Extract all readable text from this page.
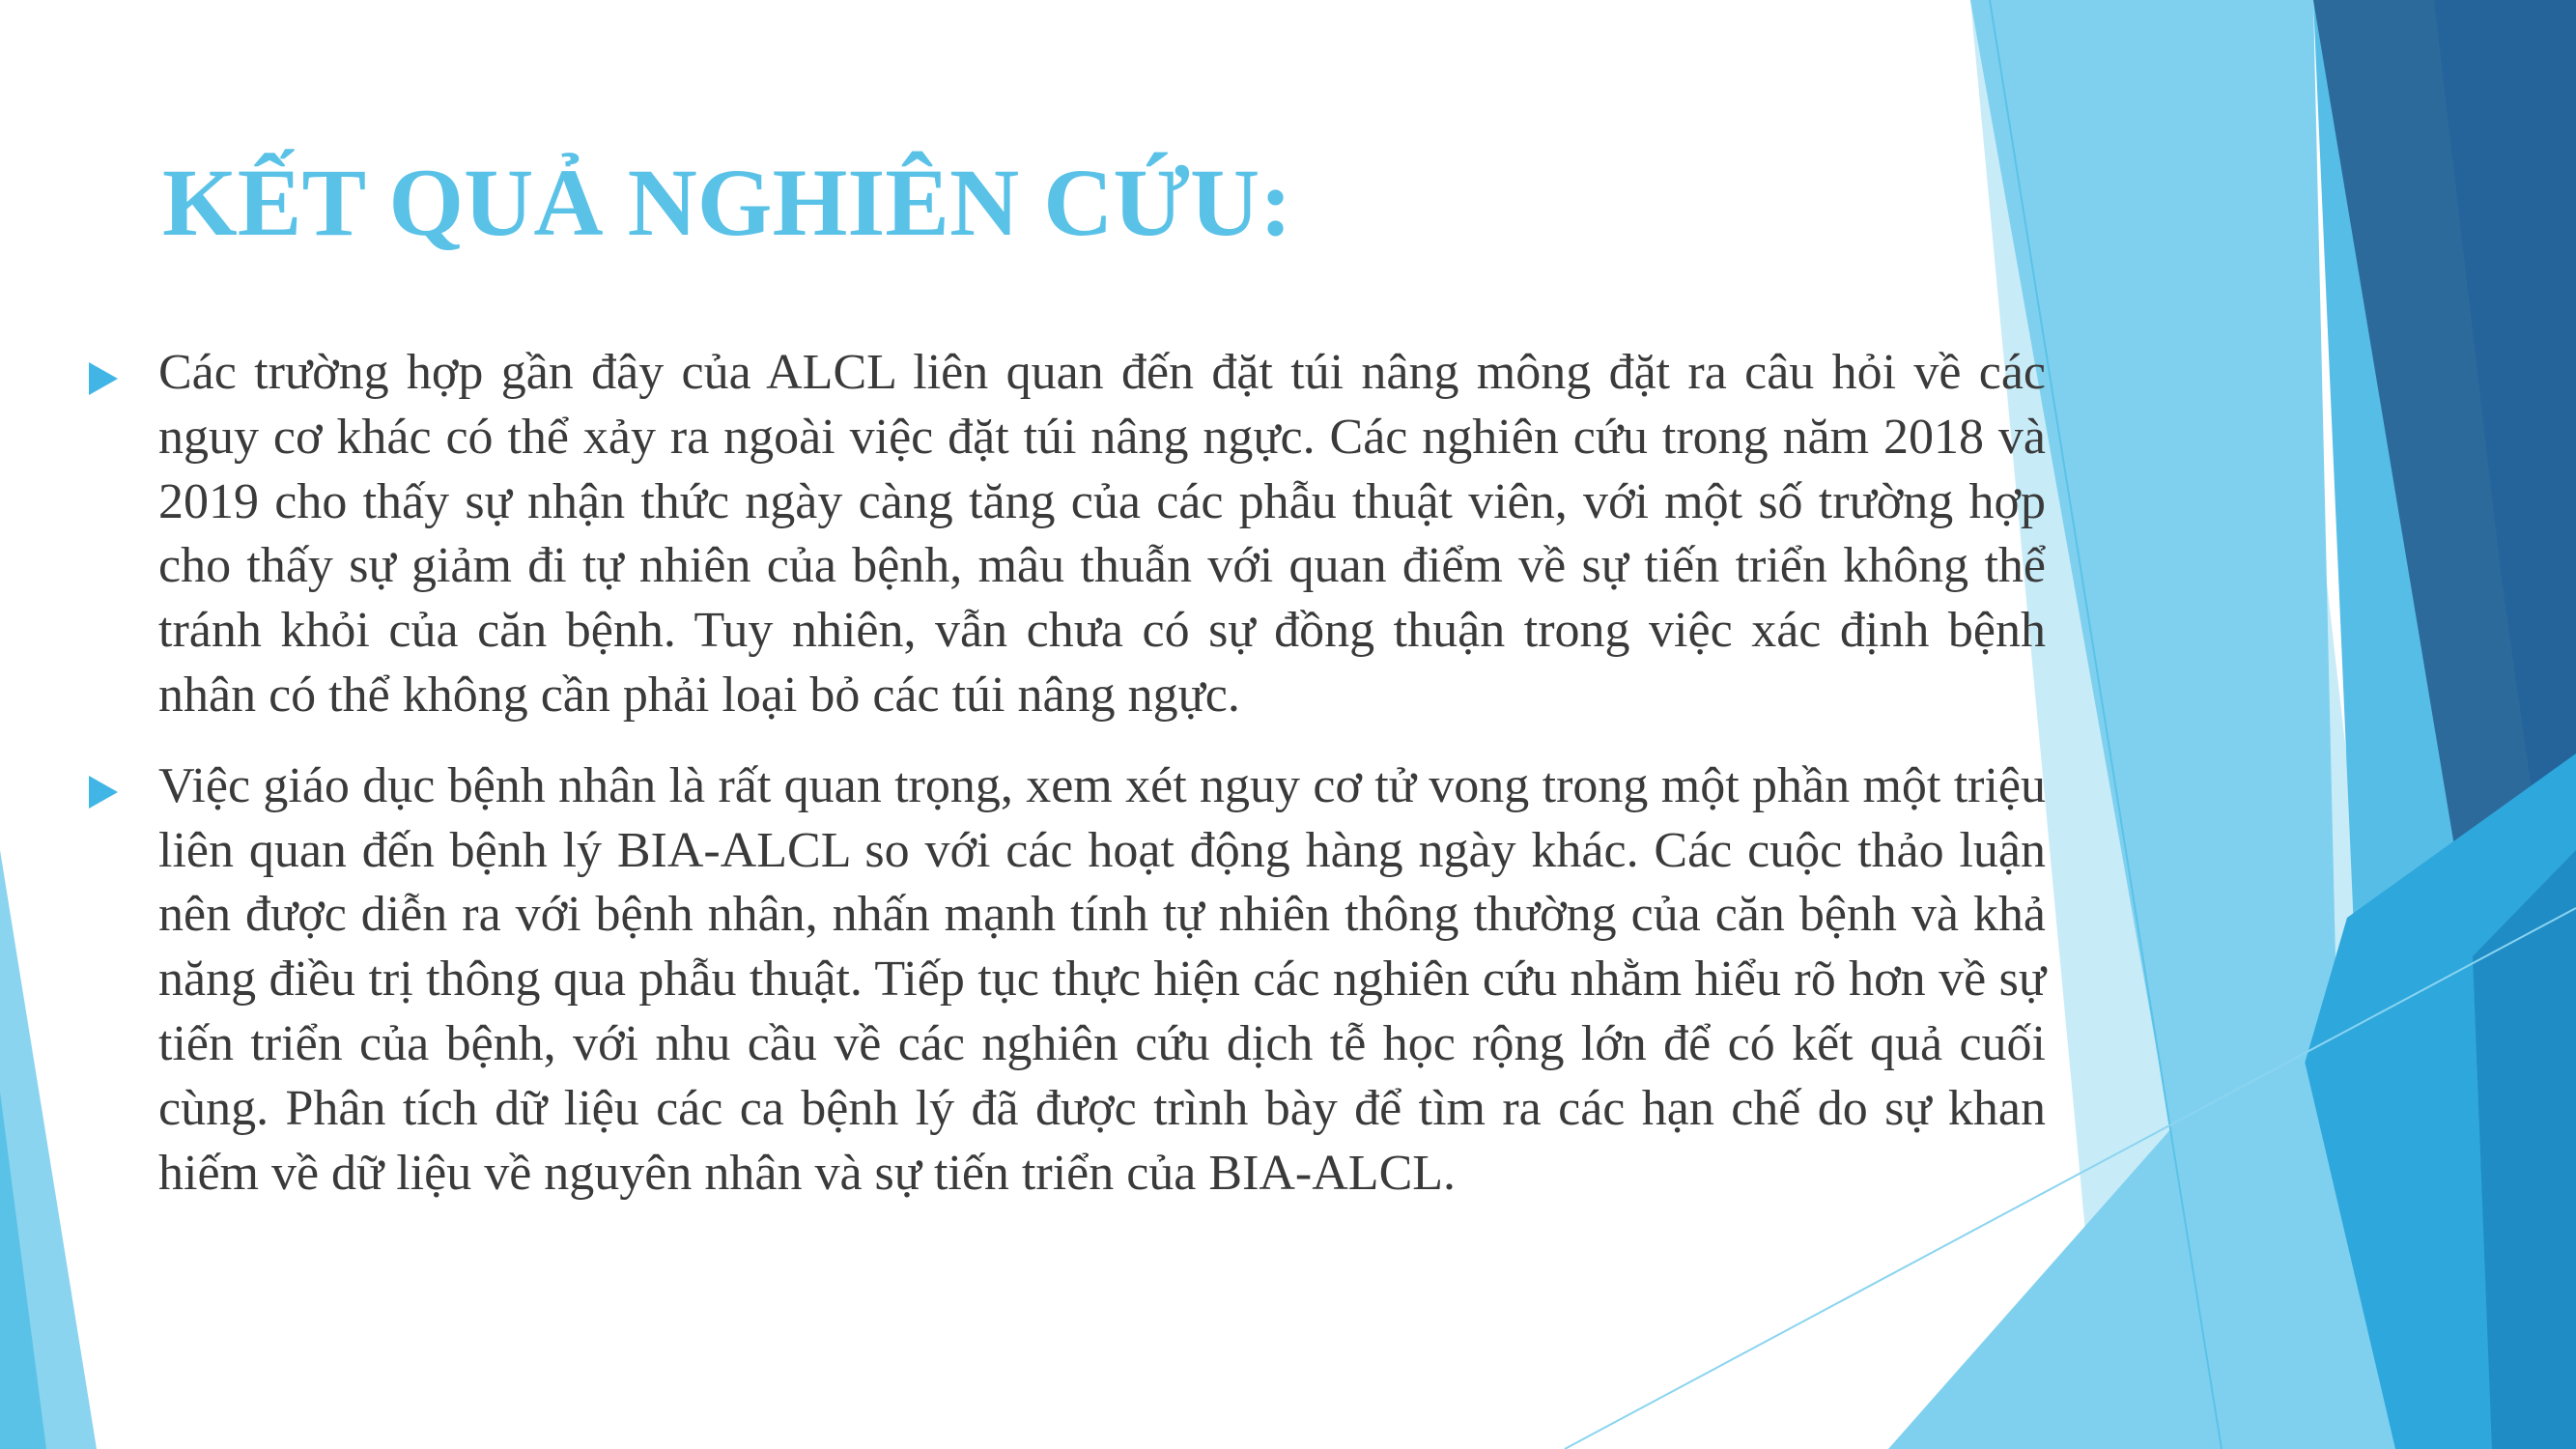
KẾT QUẢ NGHIÊN CỨU:
Các trường hợp gần đây của ALCL liên quan đến đặt túi nâng mông đặt ra câu hỏi về các nguy cơ khác có thể xảy ra ngoài việc đặt túi nâng ngực. Các nghiên cứu trong năm 2018 và 2019 cho thấy sự nhận thức ngày càng tăng của các phẫu thuật viên, với một số trường hợp cho thấy sự giảm đi tự nhiên của bệnh, mâu thuẫn với quan điểm về sự tiến triển không thể tránh khỏi của căn bệnh. Tuy nhiên, vẫn chưa có sự đồng thuận trong việc xác định bệnh nhân có thể không cần phải loại bỏ các túi nâng ngực.
Việc giáo dục bệnh nhân là rất quan trọng, xem xét nguy cơ tử vong trong một phần một triệu liên quan đến bệnh lý BIA-ALCL so với các hoạt động hàng ngày khác. Các cuộc thảo luận nên được diễn ra với bệnh nhân, nhấn mạnh tính tự nhiên thông thường của căn bệnh và khả năng điều trị thông qua phẫu thuật. Tiếp tục thực hiện các nghiên cứu nhằm hiểu rõ hơn về sự tiến triển của bệnh, với nhu cầu về các nghiên cứu dịch tễ học rộng lớn để có kết quả cuối cùng. Phân tích dữ liệu các ca bệnh lý đã được trình bày để tìm ra các hạn chế do sự khan hiếm về dữ liệu về nguyên nhân và sự tiến triển của BIA-ALCL.
